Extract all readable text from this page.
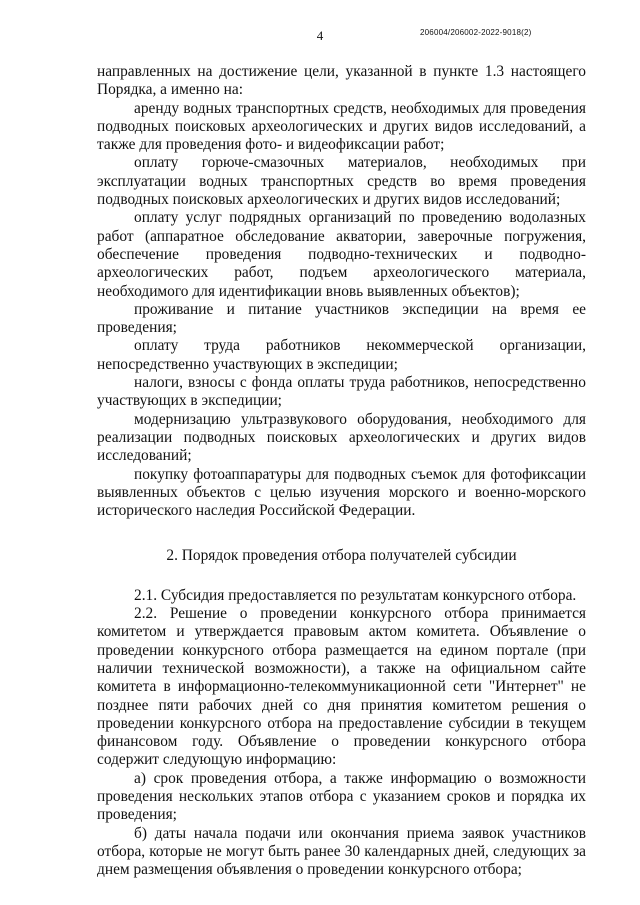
4	206004/206002-2022-9018(2)

направленных на достижение цели, указанной в пункте 1.3 настоящего Порядка, а именно на:

аренду водных транспортных средств, необходимых для проведения подводных поисковых археологических и других видов исследований, а также для проведения фото- и видеофиксации работ;

оплату горюче-смазочных материалов, необходимых при эксплуатации водных транспортных средств во время проведения подводных поисковых археологических и других видов исследований;

оплату услуг подрядных организаций по проведению водолазных работ (аппаратное обследование акватории, заверочные погружения, обеспечение проведения подводно-технических и подводно-археологических работ, подъем археологического материала, необходимого для идентификации вновь выявленных объектов);

проживание и питание участников экспедиции на время ее проведения;

оплату труда работников некоммерческой организации, непосредственно участвующих в экспедиции;

налоги, взносы с фонда оплаты труда работников, непосредственно участвующих в экспедиции;

модернизацию ультразвукового оборудования, необходимого для реализации подводных поисковых археологических и других видов исследований;

покупку фотоаппаратуры для подводных съемок для фотофиксации выявленных объектов с целью изучения морского и военно-морского исторического наследия Российской Федерации.

2. Порядок проведения отбора получателей субсидии

2.1. Субсидия предоставляется по результатам конкурсного отбора.

2.2. Решение о проведении конкурсного отбора принимается комитетом и утверждается правовым актом комитета. Объявление о проведении конкурсного отбора размещается на едином портале (при наличии технической возможности), а также на официальном сайте комитета в информационно-телекоммуникационной сети "Интернет" не позднее пяти рабочих дней со дня принятия комитетом решения о проведении конкурсного отбора на предоставление субсидии в текущем финансовом году. Объявление о проведении конкурсного отбора содержит следующую информацию:

а) срок проведения отбора, а также информацию о возможности проведения нескольких этапов отбора с указанием сроков и порядка их проведения;

б) даты начала подачи или окончания приема заявок участников отбора, которые не могут быть ранее 30 календарных дней, следующих за днем размещения объявления о проведении конкурсного отбора;
